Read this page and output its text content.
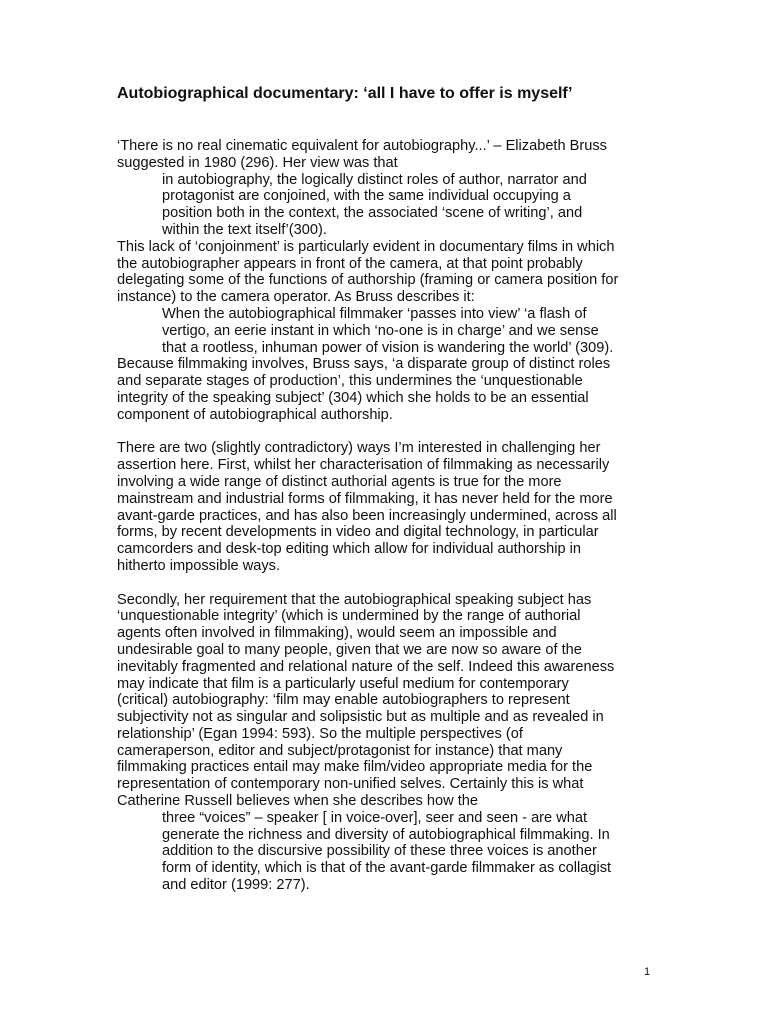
Autobiographical documentary: ‘all I have to offer is myself’
‘There is no real cinematic equivalent for autobiography...’ – Elizabeth Bruss
suggested in 1980 (296). Her view was that
in autobiography, the logically distinct roles of author, narrator and
protagonist are conjoined, with the same individual occupying a
position both in the context, the associated ‘scene of writing’, and
within the text itself’(300).
This lack of ‘conjoinment’ is particularly evident in documentary films in which
the autobiographer appears in front of the camera, at that point probably
delegating some of the functions of authorship (framing or camera position for
instance) to the camera operator. As Bruss describes it:
When the autobiographical filmmaker ‘passes into view’ ‘a flash of
vertigo, an eerie instant in which ‘no-one is in charge’ and we sense
that a rootless, inhuman power of vision is wandering the world’ (309).
Because filmmaking involves, Bruss says, ‘a disparate group of distinct roles
and separate stages of production’, this undermines the ‘unquestionable
integrity of the speaking subject’ (304) which she holds to be an essential
component of autobiographical authorship.
There are two (slightly contradictory) ways I’m interested in challenging her
assertion here. First, whilst her characterisation of filmmaking as necessarily
involving a wide range of distinct authorial agents is true for the more
mainstream and industrial forms of filmmaking, it has never held for the more
avant-garde practices, and has also been increasingly undermined, across all
forms, by recent developments in video and digital technology, in particular
camcorders and desk-top editing which allow for individual authorship in
hitherto impossible ways.
Secondly, her requirement that the autobiographical speaking subject has
‘unquestionable integrity’ (which is undermined by the range of authorial
agents often involved in filmmaking), would seem an impossible and
undesirable goal to many people, given that we are now so aware of the
inevitably fragmented and relational nature of the self. Indeed this awareness
may indicate that film is a particularly useful medium for contemporary
(critical) autobiography: ‘film may enable autobiographers to represent
subjectivity not as singular and solipsistic but as multiple and as revealed in
relationship’ (Egan 1994: 593). So the multiple perspectives (of
cameraperson, editor and subject/protagonist for instance) that many
filmmaking practices entail may make film/video appropriate media for the
representation of contemporary non-unified selves. Certainly this is what
Catherine Russell believes when she describes how the
three “voices” – speaker [ in voice-over], seer and seen - are what
generate the richness and diversity of autobiographical filmmaking. In
addition to the discursive possibility of these three voices is another
form of identity, which is that of the avant-garde filmmaker as collagist
and editor (1999: 277).
1
